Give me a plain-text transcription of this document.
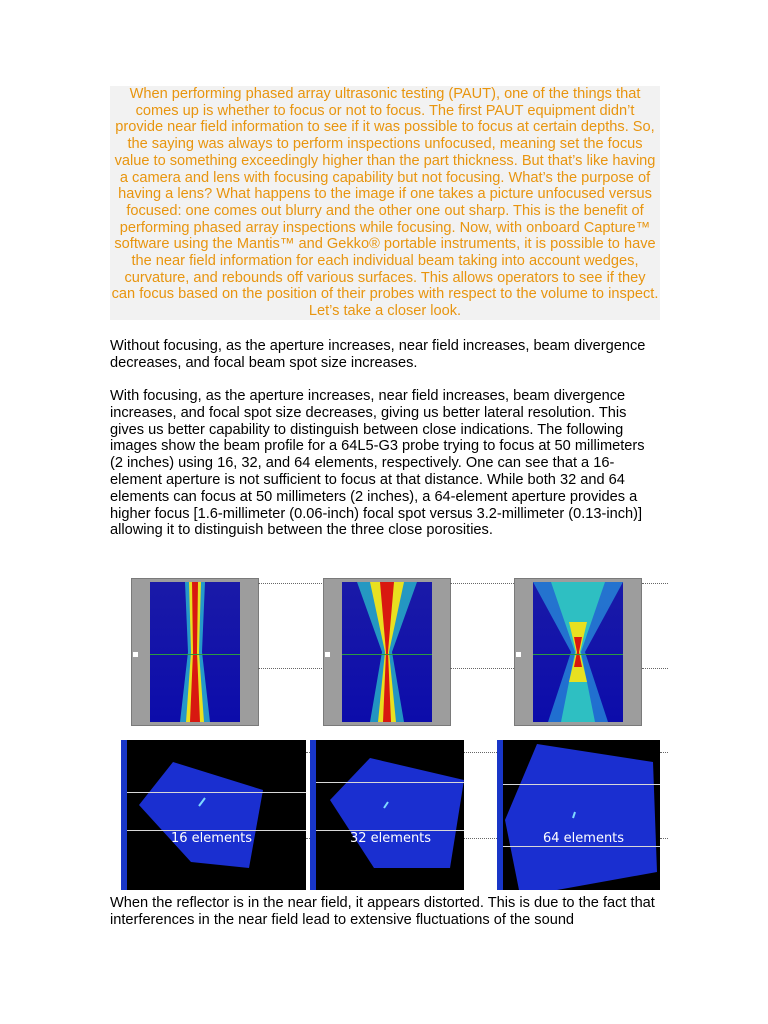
When performing phased array ultrasonic testing (PAUT), one of the things that comes up is whether to focus or not to focus. The first PAUT equipment didn’t provide near field information to see if it was possible to focus at certain depths. So, the saying was always to perform inspections unfocused, meaning set the focus value to something exceedingly higher than the part thickness. But that’s like having a camera and lens with focusing capability but not focusing. What’s the purpose of having a lens? What happens to the image if one takes a picture unfocused versus focused: one comes out blurry and the other one out sharp. This is the benefit of performing phased array inspections while focusing. Now, with onboard Capture™ software using the Mantis™ and Gekko® portable instruments, it is possible to have the near field information for each individual beam taking into account wedges, curvature, and rebounds off various surfaces. This allows operators to see if they can focus based on the position of their probes with respect to the volume to inspect. Let’s take a closer look.
Without focusing, as the aperture increases, near field increases, beam divergence decreases, and focal beam spot size increases.
With focusing, as the aperture increases, near field increases, beam divergence increases, and focal spot size decreases, giving us better lateral resolution. This gives us better capability to distinguish between close indications. The following images show the beam profile for a 64L5-G3 probe trying to focus at 50 millimeters (2 inches) using 16, 32, and 64 elements, respectively. One can see that a 16-element aperture is not sufficient to focus at that distance. While both 32 and 64 elements can focus at 50 millimeters (2 inches), a 64-element aperture provides a higher focus [1.6-millimeter (0.06-inch) focal spot versus 3.2-millimeter (0.13-inch)] allowing it to distinguish between the three close porosities.
16 elements	32 elements	64 elements
When the reflector is in the near field, it appears distorted. This is due to the fact that interferences in the near field lead to extensive fluctuations of the sound
